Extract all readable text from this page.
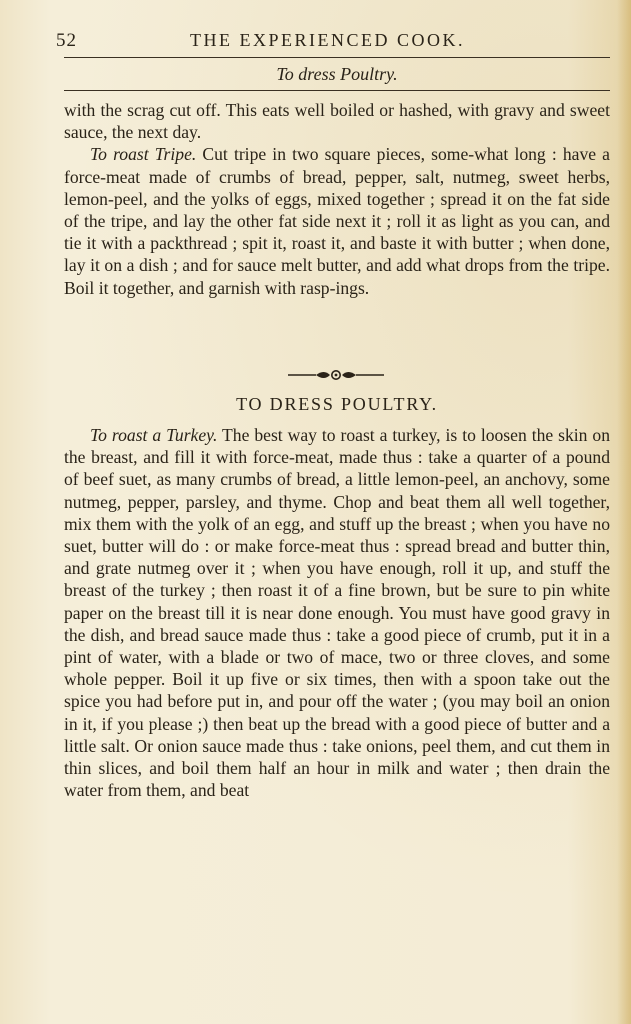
52	THE EXPERIENCED COOK.
To dress Poultry.

with the scrag cut off. This eats well boiled or hashed, with gravy and sweet sauce, the next day.

To roast Tripe. Cut tripe in two square pieces, some-what long : have a force-meat made of crumbs of bread, pepper, salt, nutmeg, sweet herbs, lemon-peel, and the yolks of eggs, mixed together ; spread it on the fat side of the tripe, and lay the other fat side next it ; roll it as light as you can, and tie it with a packthread ; spit it, roast it, and baste it with butter ; when done, lay it on a dish ; and for sauce melt butter, and add what drops from the tripe. Boil it together, and garnish with rasp-ings.

TO DRESS POULTRY.

To roast a Turkey. The best way to roast a turkey, is to loosen the skin on the breast, and fill it with force-meat, made thus : take a quarter of a pound of beef suet, as many crumbs of bread, a little lemon-peel, an anchovy, some nutmeg, pepper, parsley, and thyme. Chop and beat them all well together, mix them with the yolk of an egg, and stuff up the breast ; when you have no suet, butter will do : or make force-meat thus : spread bread and butter thin, and grate nutmeg over it ; when you have enough, roll it up, and stuff the breast of the turkey ; then roast it of a fine brown, but be sure to pin white paper on the breast till it is near done enough. You must have good gravy in the dish, and bread sauce made thus : take a good piece of crumb, put it in a pint of water, with a blade or two of mace, two or three cloves, and some whole pepper. Boil it up five or six times, then with a spoon take out the spice you had before put in, and pour off the water ; (you may boil an onion in it, if you please ;) then beat up the bread with a good piece of butter and a little salt. Or onion sauce made thus : take onions, peel them, and cut them in thin slices, and boil them half an hour in milk and water ; then drain the water from them, and beat
